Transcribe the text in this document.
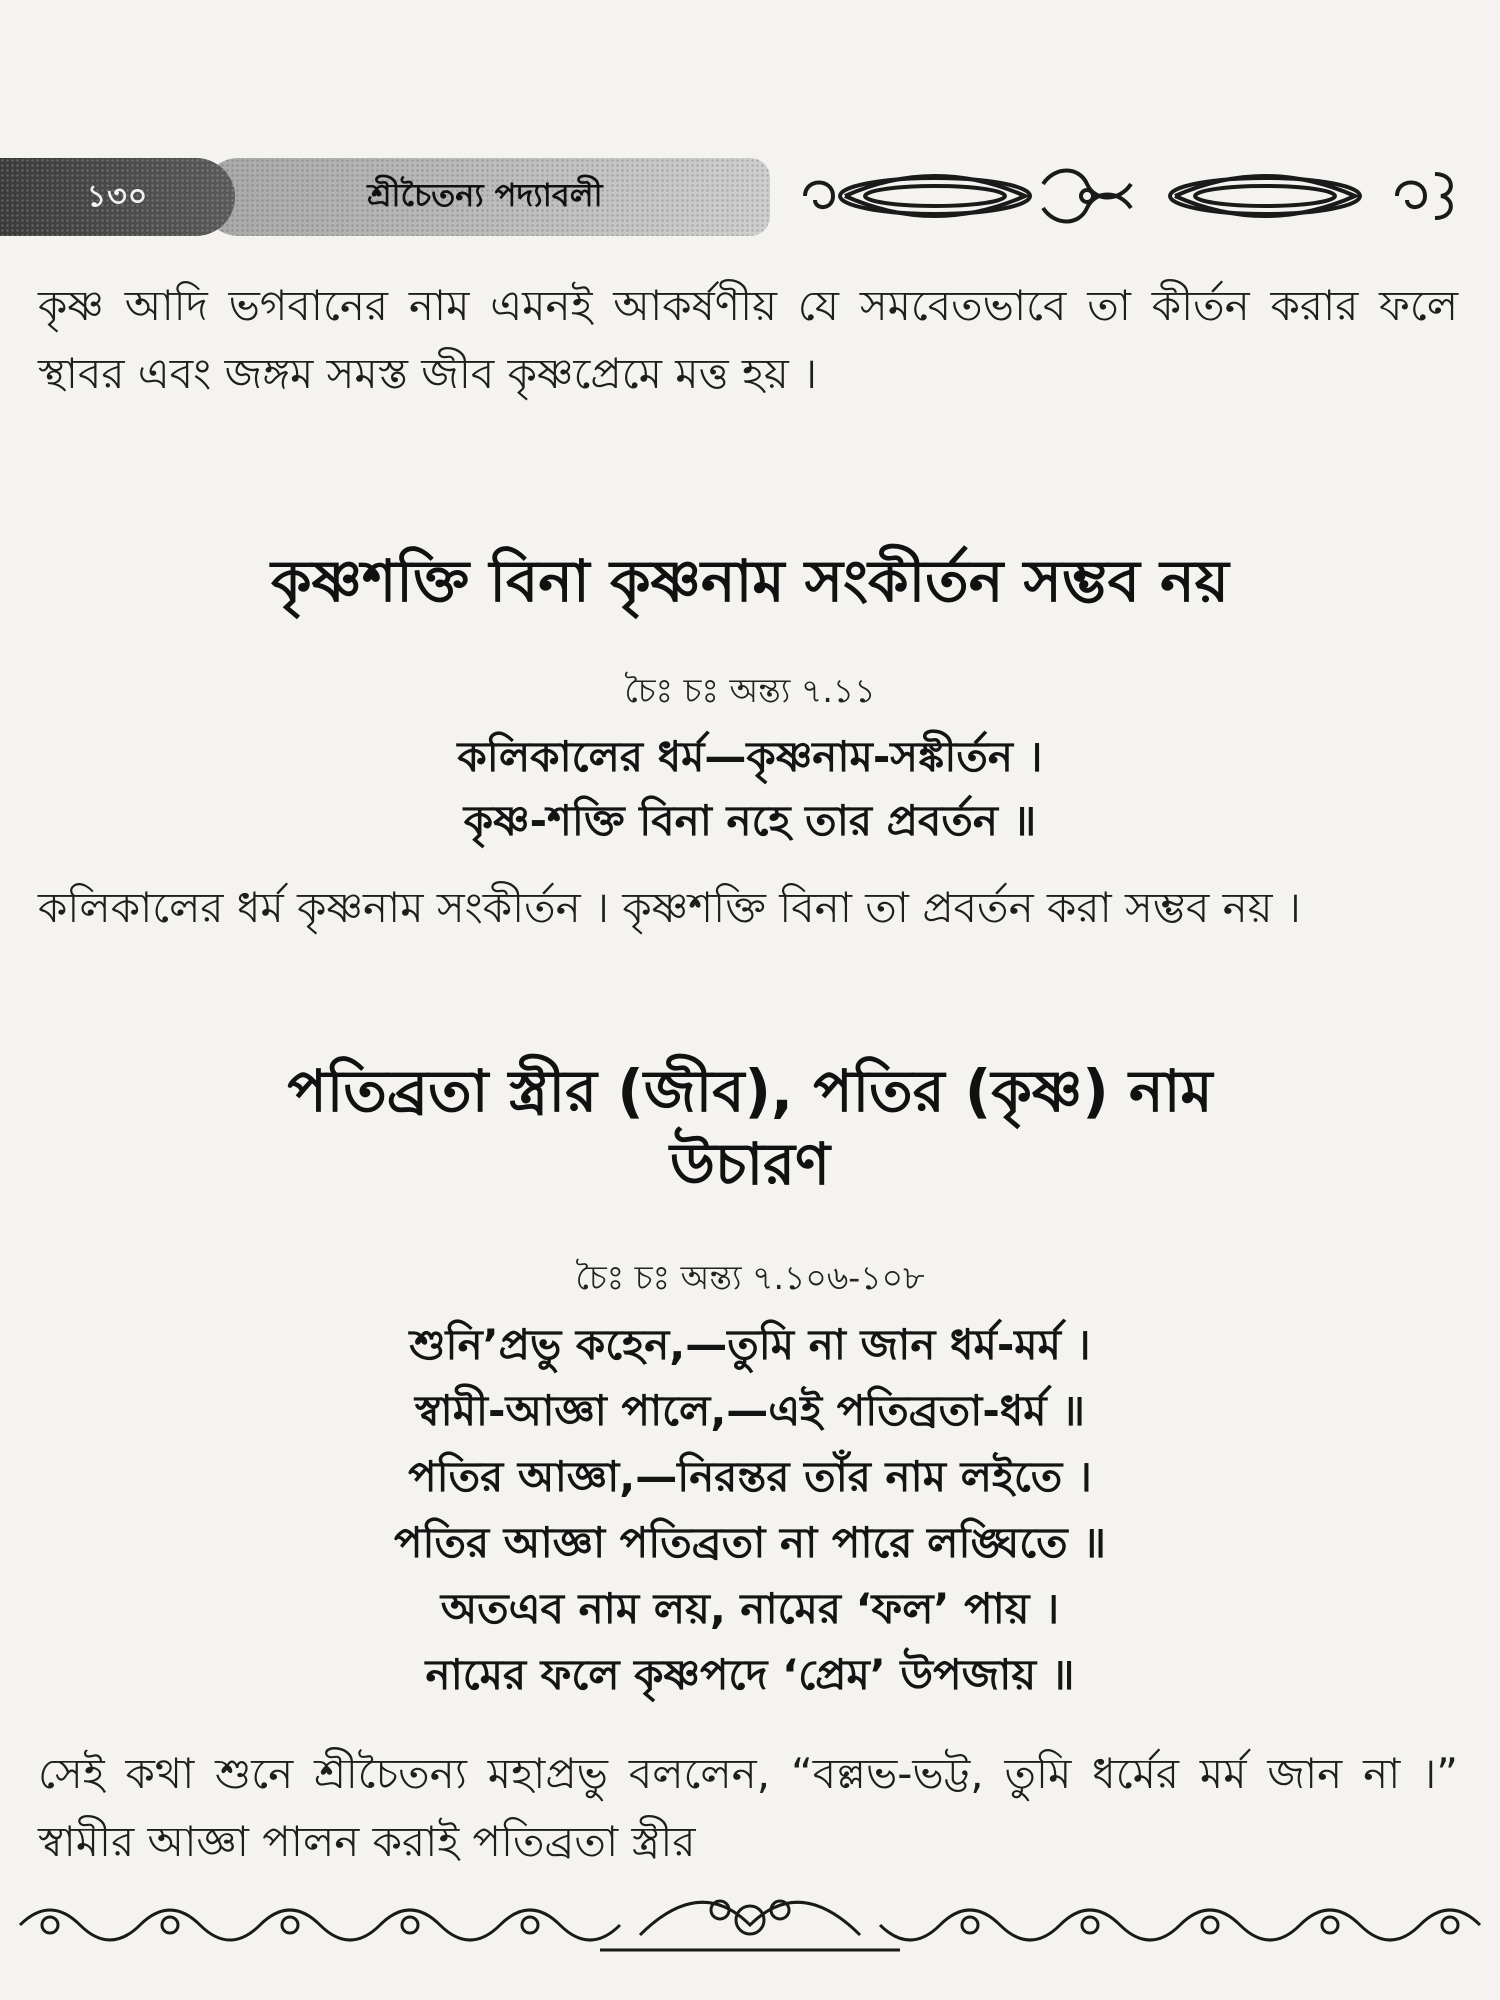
শ্রীচৈতন্য পদ্যাবলী
১৩০
কৃষ্ণ আদি ভগবানের নাম এমনই আকর্ষণীয় যে সমবেতভাবে তা কীর্তন করার ফলে স্থাবর এবং জঙ্গম সমস্ত জীব কৃষ্ণপ্রেমে মত্ত হয় ।
কৃষ্ণশক্তি বিনা কৃষ্ণনাম সংকীর্তন সম্ভব নয়
চৈঃ চঃ অন্ত্য ৭.১১
কলিকালের ধর্ম—কৃষ্ণনাম-সঙ্কীর্তন ।
কৃষ্ণ-শক্তি বিনা নহে তার প্রবর্তন ॥
কলিকালের ধর্ম কৃষ্ণনাম সংকীর্তন । কৃষ্ণশক্তি বিনা তা প্রবর্তন করা সম্ভব নয় ।
পতিব্রতা স্ত্রীর (জীব), পতির (কৃষ্ণ) নাম
উচারণ
চৈঃ চঃ অন্ত্য ৭.১০৬-১০৮
শুনি’প্রভু কহেন,—তুমি না জান ধর্ম-মর্ম ।
স্বামী-আজ্ঞা পালে,—এই পতিব্রতা-ধর্ম ॥
পতির আজ্ঞা,—নিরন্তর তাঁর নাম লইতে ।
পতির আজ্ঞা পতিব্রতা না পারে লঙ্ঘিতে ॥
অতএব নাম লয়, নামের ‘ফল’ পায় ।
নামের ফলে কৃষ্ণপদে ‘প্রেম’ উপজায় ॥
সেই কথা শুনে শ্রীচৈতন্য মহাপ্রভু বললেন, “বল্লভ-ভট্ট, তুমি ধর্মের মর্ম জান না ।” স্বামীর আজ্ঞা পালন করাই পতিব্রতা স্ত্রীর
